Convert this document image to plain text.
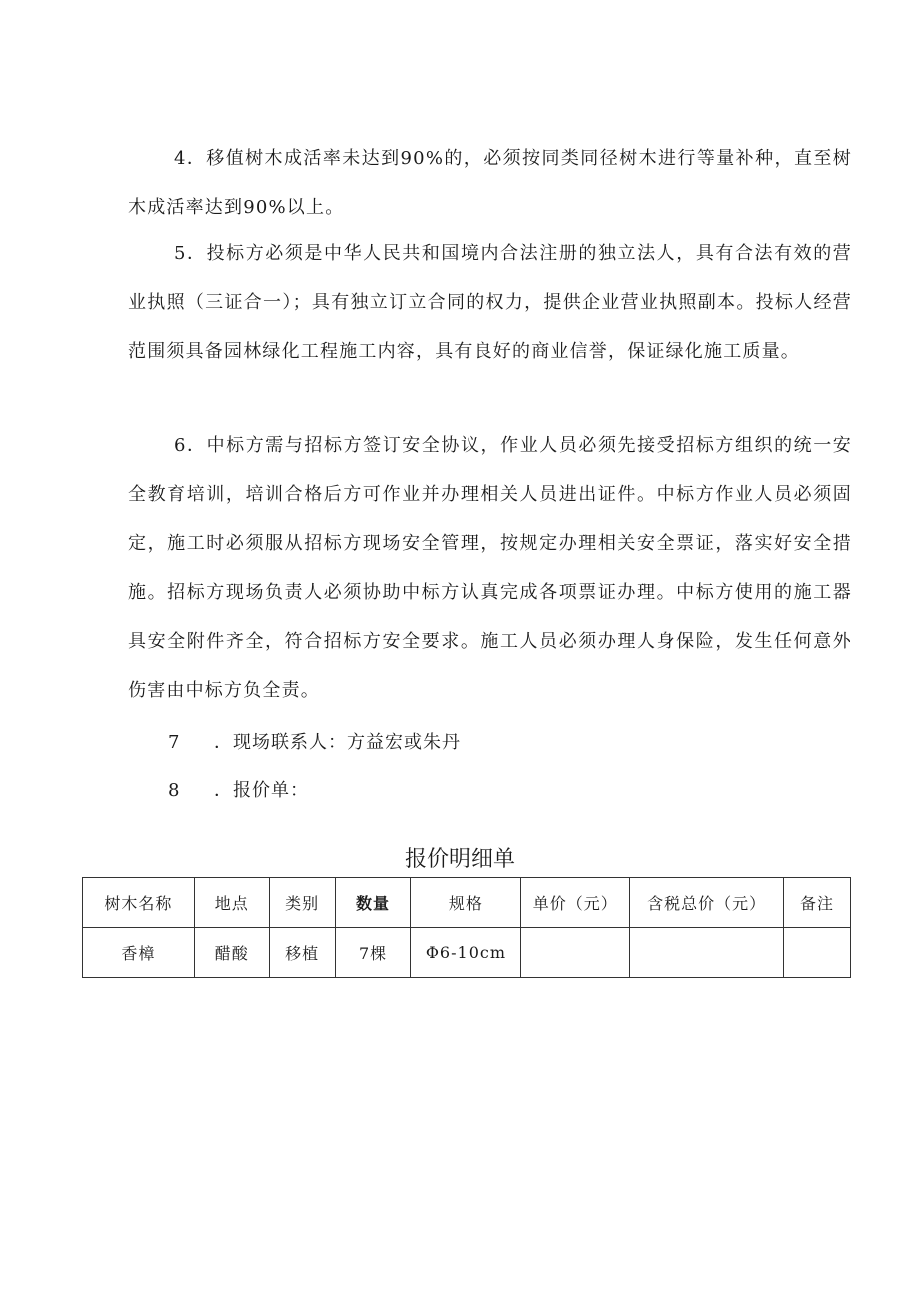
4．移值树木成活率未达到90%的，必须按同类同径树木进行等量补种，直至树木成活率达到90%以上。

5．投标方必须是中华人民共和国境内合法注册的独立法人，具有合法有效的营业执照（三证合一）；具有独立订立合同的权力，提供企业营业执照副本。投标人经营范围须具备园林绿化工程施工内容，具有良好的商业信誉，保证绿化施工质量。

6．中标方需与招标方签订安全协议，作业人员必须先接受招标方组织的统一安全教育培训，培训合格后方可作业并办理相关人员进出证件。中标方作业人员必须固定，施工时必须服从招标方现场安全管理，按规定办理相关安全票证，落实好安全措施。招标方现场负责人必须协助中标方认真完成各项票证办理。中标方使用的施工器具安全附件齐全，符合招标方安全要求。施工人员必须办理人身保险，发生任何意外伤害由中标方负全责。

7 ．现场联系人：方益宏或朱丹

8 ．报价单：

报价明细单

树木名称	地点	类别	数量	规格	单价（元）	含税总价（元）	备注
香樟	醋酸	移植	7棵	Φ6-10cm			
